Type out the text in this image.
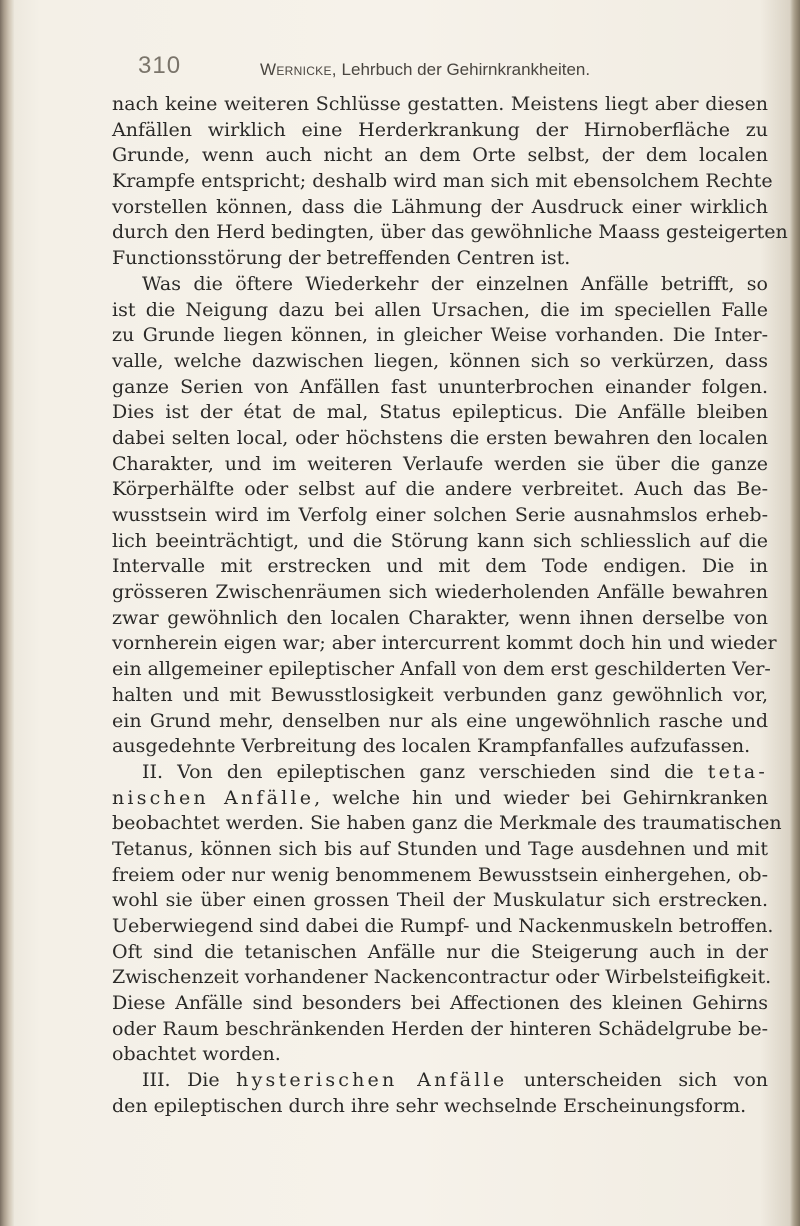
310	Wernicke, Lehrbuch der Gehirnkrankheiten.
nach keine weiteren Schlüsse gestatten. Meistens liegt aber diesen
Anfällen wirklich eine Herderkrankung der Hirnoberfläche zu
Grunde, wenn auch nicht an dem Orte selbst, der dem localen
Krampfe entspricht; deshalb wird man sich mit ebensolchem Rechte
vorstellen können, dass die Lähmung der Ausdruck einer wirklich
durch den Herd bedingten, über das gewöhnliche Maass gesteigerten
Functionsstörung der betreffenden Centren ist.
Was die öftere Wiederkehr der einzelnen Anfälle betrifft, so
ist die Neigung dazu bei allen Ursachen, die im speciellen Falle
zu Grunde liegen können, in gleicher Weise vorhanden. Die Inter-
valle, welche dazwischen liegen, können sich so verkürzen, dass
ganze Serien von Anfällen fast ununterbrochen einander folgen.
Dies ist der état de mal, Status epilepticus. Die Anfälle bleiben
dabei selten local, oder höchstens die ersten bewahren den localen
Charakter, und im weiteren Verlaufe werden sie über die ganze
Körperhälfte oder selbst auf die andere verbreitet. Auch das Be-
wusstsein wird im Verfolg einer solchen Serie ausnahmslos erheb-
lich beeinträchtigt, und die Störung kann sich schliesslich auf die
Intervalle mit erstrecken und mit dem Tode endigen. Die in
grösseren Zwischenräumen sich wiederholenden Anfälle bewahren
zwar gewöhnlich den localen Charakter, wenn ihnen derselbe von
vornherein eigen war; aber intercurrent kommt doch hin und wieder
ein allgemeiner epileptischer Anfall von dem erst geschilderten Ver-
halten und mit Bewusstlosigkeit verbunden ganz gewöhnlich vor,
ein Grund mehr, denselben nur als eine ungewöhnlich rasche und
ausgedehnte Verbreitung des localen Krampfanfalles aufzufassen.
II. Von den epileptischen ganz verschieden sind die teta-
nischen Anfälle, welche hin und wieder bei Gehirnkranken
beobachtet werden. Sie haben ganz die Merkmale des traumatischen
Tetanus, können sich bis auf Stunden und Tage ausdehnen und mit
freiem oder nur wenig benommenem Bewusstsein einhergehen, ob-
wohl sie über einen grossen Theil der Muskulatur sich erstrecken.
Ueberwiegend sind dabei die Rumpf- und Nackenmuskeln betroffen.
Oft sind die tetanischen Anfälle nur die Steigerung auch in der
Zwischenzeit vorhandener Nackencontractur oder Wirbelsteifigkeit.
Diese Anfälle sind besonders bei Affectionen des kleinen Gehirns
oder Raum beschränkenden Herden der hinteren Schädelgrube be-
obachtet worden.
III. Die hysterischen Anfälle unterscheiden sich von
den epileptischen durch ihre sehr wechselnde Erscheinungsform.
